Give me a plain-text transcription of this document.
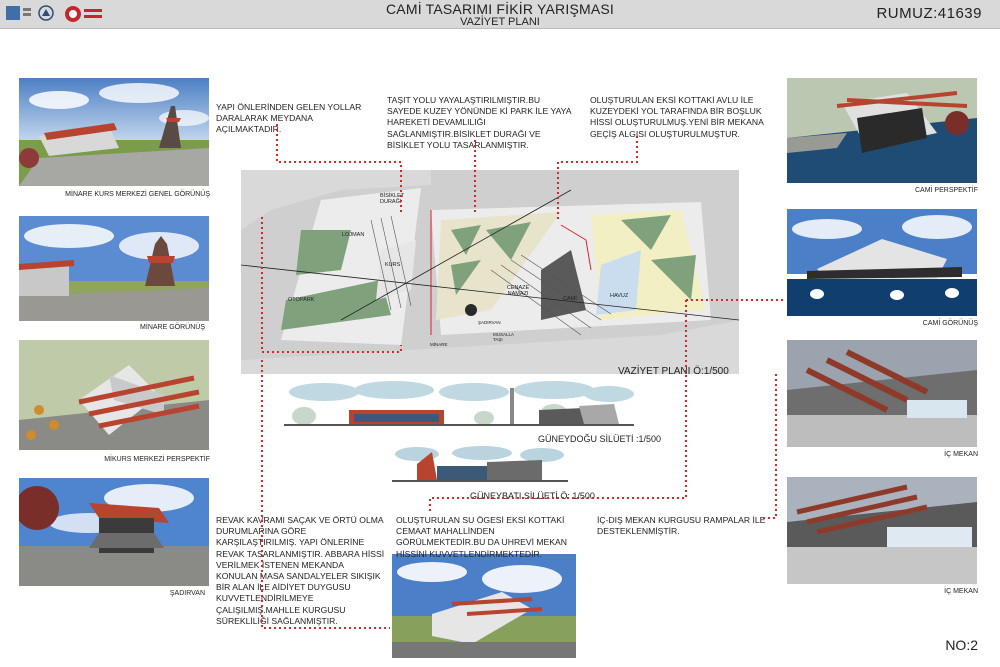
CAMİ TASARIMI FİKİR YARIŞMASI
VAZİYET PLANI	RUMUZ:41639
MİNARE KURS MERKEZİ GENEL GÖRÜNÜŞ
MİNARE GÖRÜNÜŞ
MİKURS MERKEZİ PERSPEKTİF
ŞADIRVAN
CAMİ PERSPEKTİF
CAMİ GÖRÜNÜŞ
İÇ MEKAN
İÇ MEKAN
BİSİKLET DURAĞI
LOJMAN
KURS
OTOPARK
CENAZE NAMAZI
CAMİ	HAVUZ
ŞADIRVAN
MUSALLA TAŞI
MİNARE
VAZİYET PLANI Ö:1/500
GÜNEYDOĞU SİLÜETİ :1/500
GÜNEYBATI SİLÜETİ Ö: 1/500
YAPI ÖNLERİNDEN GELEN YOLLAR DARALARAK MEYDANA AÇILMAKTADIR.
TAŞIT YOLU YAYALAŞTIRILMIŞTIR.BU SAYEDE KUZEY YÖNÜNDE Kİ PARK İLE YAYA HAREKETİ DEVAMLILIĞI SAĞLANMIŞTIR.BİSİKLET DURAĞI VE BİSİKLET YOLU TASARLANMIŞTIR.
OLUŞTURULAN EKSİ KOTTAKİ AVLU İLE KUZEYDEKİ YOL TARAFINDA BİR BOŞLUK HİSSİ OLUŞTURULMUŞ.YENİ BİR MEKANA GEÇİŞ ALGISI OLUŞTURULMUŞTUR.
REVAK KAVRAMI SAÇAK VE ÖRTÜ OLMA DURUMLARINA GÖRE KARŞILAŞTIRILMIŞ. YAPI ÖNLERİNE REVAK TASARLANMIŞTIR. ABBARA HİSSİ VERİLMEK İSTENEN MEKANDA KONULAN MASA SANDALYELER SIKIŞIK BİR ALAN İLE AİDİYET DUYGUSU KUVVETLENDİRİLMEYE ÇALIŞILMIŞ.MAHLLE KURGUSU SÜREKLİLİĞİ SAĞLANMIŞTIR.
OLUŞTURULAN SU ÖGESİ EKSİ KOTTAKİ CEMAAT MAHALLİNDEN GÖRÜLMEKTEDİR.BU DA UHREVİ MEKAN HİSSİNİ KUVVETLENDİRMEKTEDİR.
İÇ-DIŞ MEKAN KURGUSU RAMPALAR İLE DESTEKLENMİŞTİR.
NO:2
